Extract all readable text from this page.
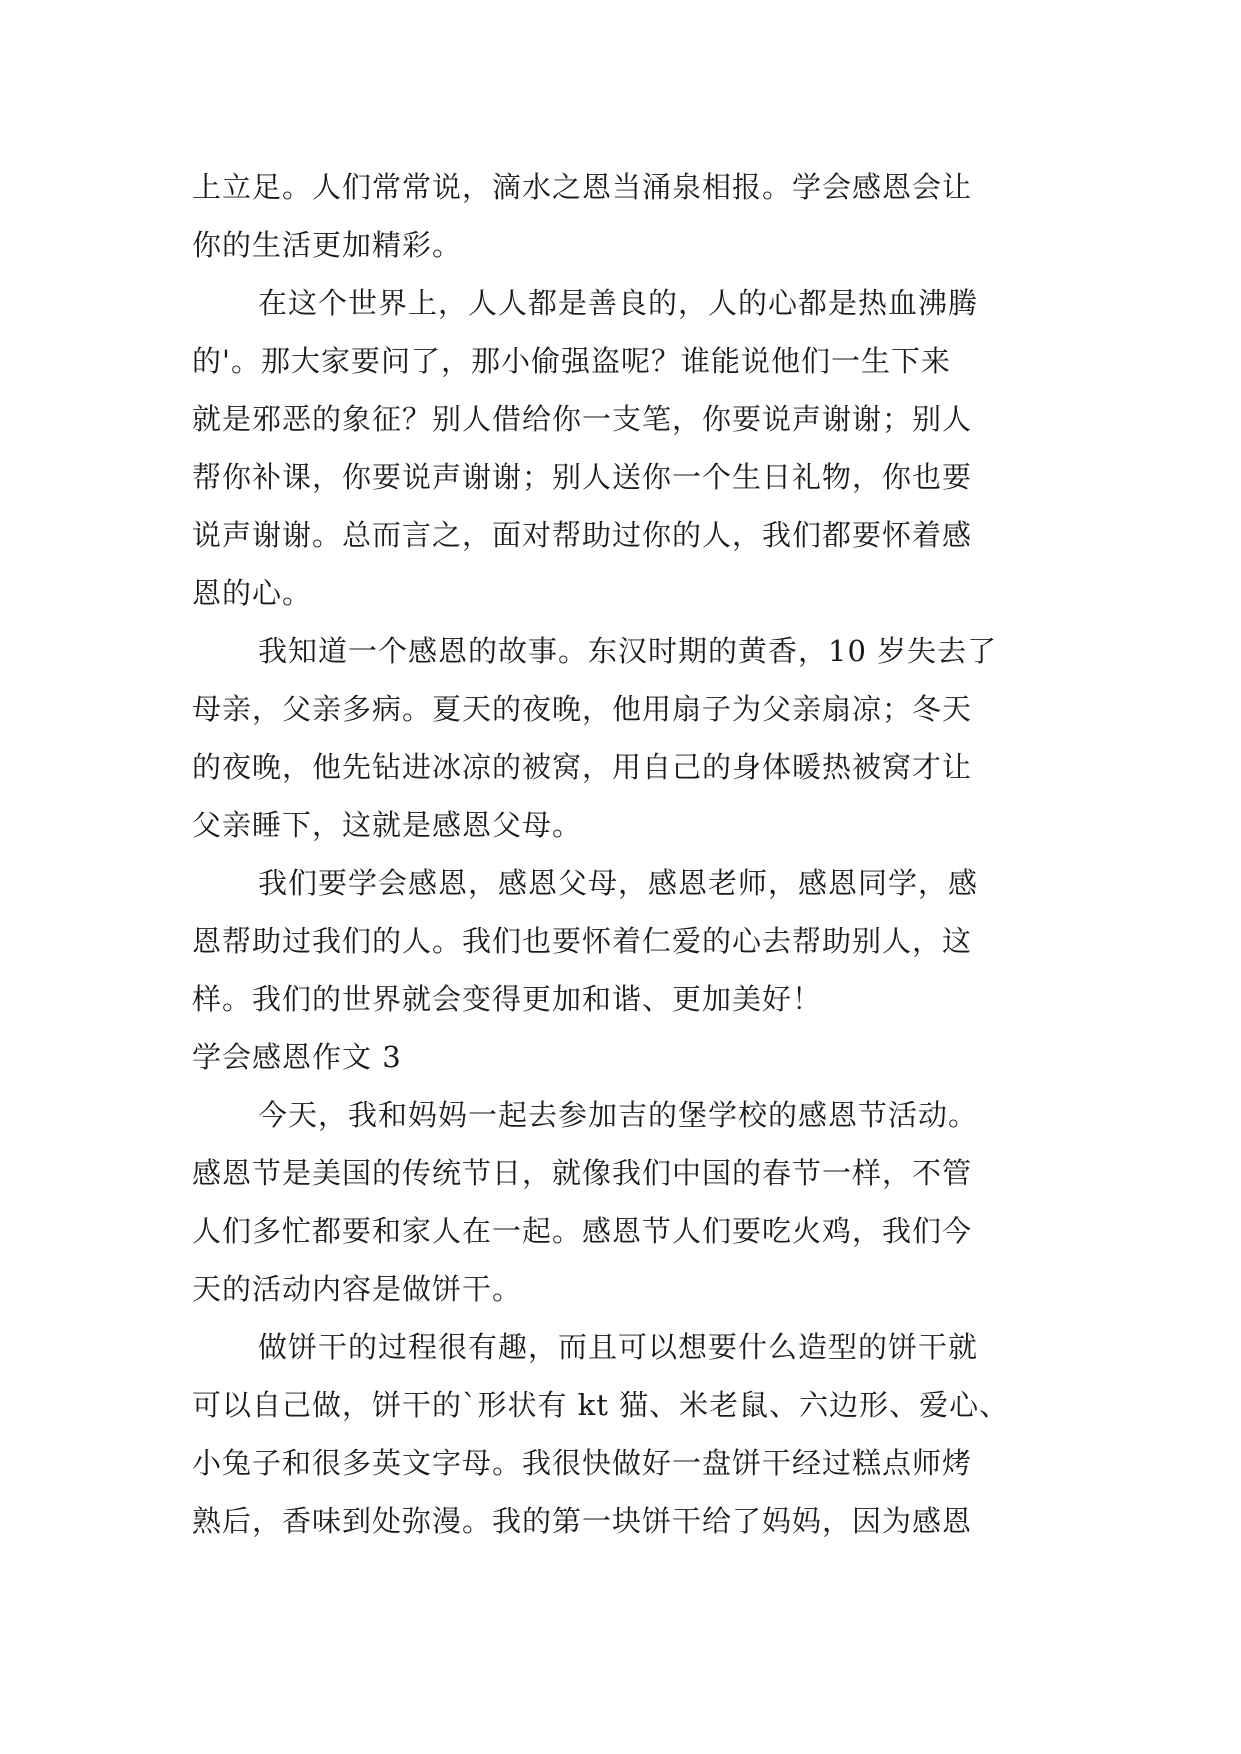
上立足。人们常常说，滴水之恩当涌泉相报。学会感恩会让
你的生活更加精彩。
在这个世界上，人人都是善良的，人的心都是热血沸腾
的'。那大家要问了，那小偷强盗呢？谁能说他们一生下来
就是邪恶的象征？别人借给你一支笔，你要说声谢谢；别人
帮你补课，你要说声谢谢；别人送你一个生日礼物，你也要
说声谢谢。总而言之，面对帮助过你的人，我们都要怀着感
恩的心。
我知道一个感恩的故事。东汉时期的黄香，10 岁失去了
母亲，父亲多病。夏天的夜晚，他用扇子为父亲扇凉；冬天
的夜晚，他先钻进冰凉的被窝，用自己的身体暖热被窝才让
父亲睡下，这就是感恩父母。
我们要学会感恩，感恩父母，感恩老师，感恩同学，感
恩帮助过我们的人。我们也要怀着仁爱的心去帮助别人，这
样。我们的世界就会变得更加和谐、更加美好！
学会感恩作文 3
今天，我和妈妈一起去参加吉的堡学校的感恩节活动。
感恩节是美国的传统节日，就像我们中国的春节一样，不管
人们多忙都要和家人在一起。感恩节人们要吃火鸡，我们今
天的活动内容是做饼干。
做饼干的过程很有趣，而且可以想要什么造型的饼干就
可以自己做，饼干的`形状有 kt 猫、米老鼠、六边形、爱心、
小兔子和很多英文字母。我很快做好一盘饼干经过糕点师烤
熟后，香味到处弥漫。我的第一块饼干给了妈妈，因为感恩
